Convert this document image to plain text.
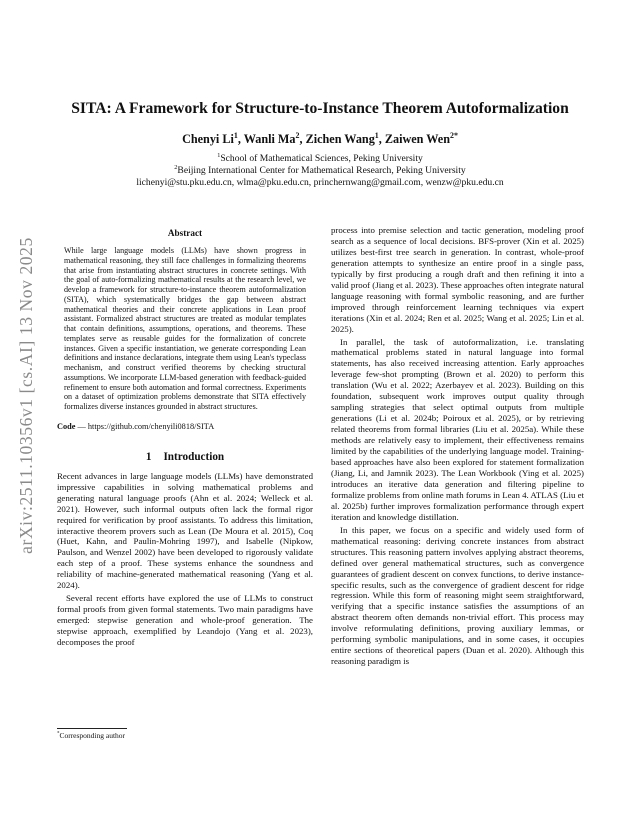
arXiv:2511.10356v1 [cs.AI] 13 Nov 2025
SITA: A Framework for Structure-to-Instance Theorem Autoformalization
Chenyi Li$^1$, Wanli Ma$^2$, Zichen Wang$^1$, Zaiwen Wen$^{2*}$
$^1$School of Mathematical Sciences, Peking University
$^2$Beijing International Center for Mathematical Research, Peking University
lichenyi@stu.pku.edu.cn, wlma@pku.edu.cn, princhernwang@gmail.com, wenzw@pku.edu.cn
Abstract

While large language models (LLMs) have shown progress in mathematical reasoning, they still face challenges in formalizing theorems that arise from instantiating abstract structures in concrete settings. With the goal of auto-formalizing mathematical results at the research level, we develop a framework for structure-to-instance theorem autoformalization (SITA), which systematically bridges the gap between abstract mathematical theories and their concrete applications in Lean proof assistant. Formalized abstract structures are treated as modular templates that contain definitions, assumptions, operations, and theorems. These templates serve as reusable guides for the formalization of concrete instances. Given a specific instantiation, we generate corresponding Lean definitions and instance declarations, integrate them using Lean's typeclass mechanism, and construct verified theorems by checking structural assumptions. We incorporate LLM-based generation with feedback-guided refinement to ensure both automation and formal correctness. Experiments on a dataset of optimization problems demonstrate that SITA effectively formalizes diverse instances grounded in abstract structures.

Code — https://github.com/chenyili0818/SITA
1 Introduction

Recent advances in large language models (LLMs) have demonstrated impressive capabilities in solving mathematical problems and generating natural language proofs (Ahn et al. 2024; Welleck et al. 2021). However, such informal outputs often lack the formal rigor required for verification by proof assistants. To address this limitation, interactive theorem provers such as Lean (De Moura et al. 2015), Coq (Huet, Kahn, and Paulin-Mohring 1997), and Isabelle (Nipkow, Paulson, and Wenzel 2002) have been developed to rigorously validate each step of a proof. These systems enhance the soundness and reliability of machine-generated mathematical reasoning (Yang et al. 2024).

Several recent efforts have explored the use of LLMs to construct formal proofs from given formal statements. Two main paradigms have emerged: stepwise generation and whole-proof generation. The stepwise approach, exemplified by Leandojo (Yang et al. 2023), decomposes the proof

process into premise selection and tactic generation, modeling proof search as a sequence of local decisions. BFS-prover (Xin et al. 2025) utilizes best-first tree search in generation. In contrast, whole-proof generation attempts to synthesize an entire proof in a single pass, typically by first producing a rough draft and then refining it into a valid proof (Jiang et al. 2023). These approaches often integrate natural language reasoning with formal symbolic reasoning, and are further improved through reinforcement learning techniques via expert iterations (Xin et al. 2024; Ren et al. 2025; Wang et al. 2025; Lin et al. 2025).

In parallel, the task of autoformalization, i.e. translating mathematical problems stated in natural language into formal statements, has also received increasing attention. Early approaches leverage few-shot prompting (Brown et al. 2020) to perform this translation (Wu et al. 2022; Azerbayev et al. 2023). Building on this foundation, subsequent work improves output quality through sampling strategies that select optimal outputs from multiple generations (Li et al. 2024b; Poiroux et al. 2025), or by retrieving related theorems from formal libraries (Liu et al. 2025a). While these methods are relatively easy to implement, their effectiveness remains limited by the capabilities of the underlying language model. Training-based approaches have also been explored for statement formalization (Jiang, Li, and Jamnik 2023). The Lean Workbook (Ying et al. 2025) introduces an iterative data generation and filtering pipeline to formalize problems from online math forums in Lean 4. ATLAS (Liu et al. 2025b) further improves formalization performance through expert iteration and knowledge distillation.

In this paper, we focus on a specific and widely used form of mathematical reasoning: deriving concrete instances from abstract structures. This reasoning pattern involves applying abstract theorems, defined over general mathematical structures, such as convergence guarantees of gradient descent on convex functions, to derive instance-specific results, such as the convergence of gradient descent for ridge regression. While this form of reasoning might seem straightforward, verifying that a specific instance satisfies the assumptions of an abstract theorem often demands non-trivial effort. This process may involve reformulating definitions, proving auxiliary lemmas, or performing symbolic manipulations, and in some cases, it occupies entire sections of theoretical papers (Duan et al. 2020). Although this reasoning paradigm is

*Corresponding author
